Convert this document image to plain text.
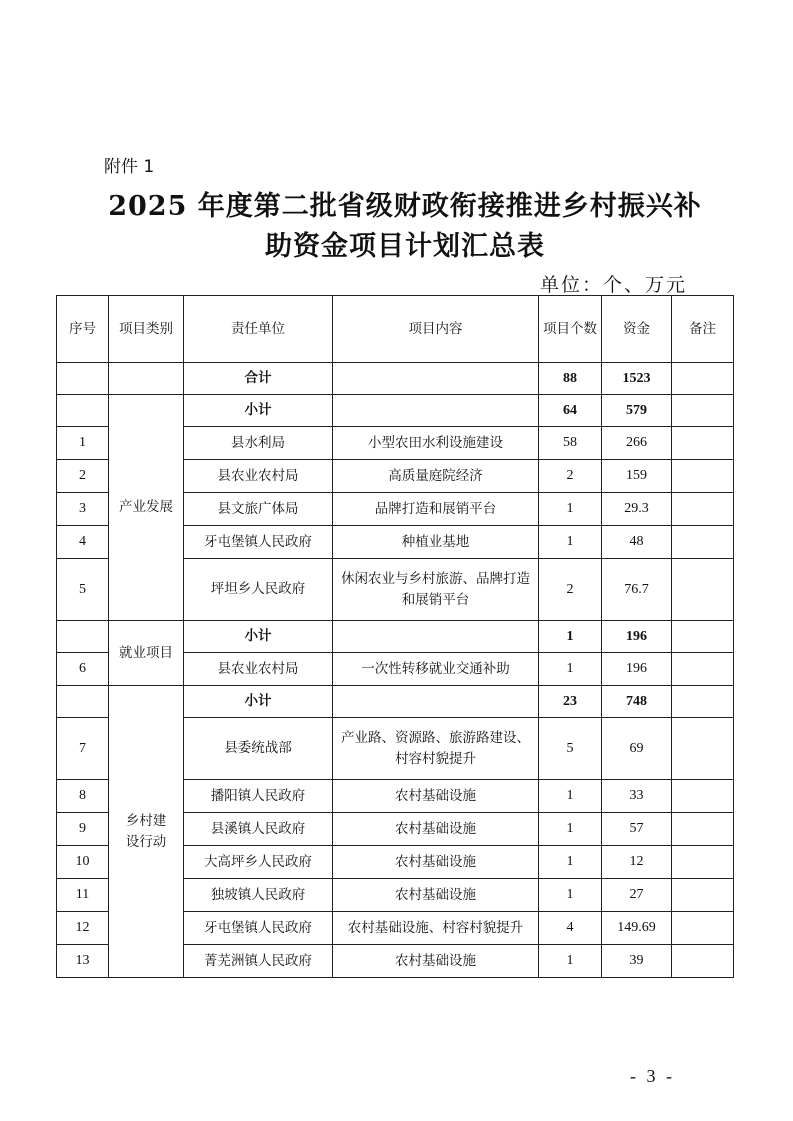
附件 1
2025 年度第二批省级财政衔接推进乡村振兴补
助资金项目计划汇总表
单位：个、万元
序号	项目类别	责任单位	项目内容	项目个数	资金	备注
		合计		88	1523	
	产业发展	小计		64	579	
1		县水利局	小型农田水利设施建设	58	266	
2		县农业农村局	高质量庭院经济	2	159	
3		县文旅广体局	品牌打造和展销平台	1	29.3	
4		牙屯堡镇人民政府	种植业基地	1	48	
5		坪坦乡人民政府	休闲农业与乡村旅游、品牌打造和展销平台	2	76.7	
	就业项目	小计		1	196	
6		县农业农村局	一次性转移就业交通补助	1	196	
	乡村建设行动	小计		23	748	
7		县委统战部	产业路、资源路、旅游路建设、村容村貌提升	5	69	
8		播阳镇人民政府	农村基础设施	1	33	
9		县溪镇人民政府	农村基础设施	1	57	
10		大高坪乡人民政府	农村基础设施	1	12	
11		独坡镇人民政府	农村基础设施	1	27	
12		牙屯堡镇人民政府	农村基础设施、村容村貌提升	4	149.69	
13		菁芜洲镇人民政府	农村基础设施	1	39	
- 3 -
